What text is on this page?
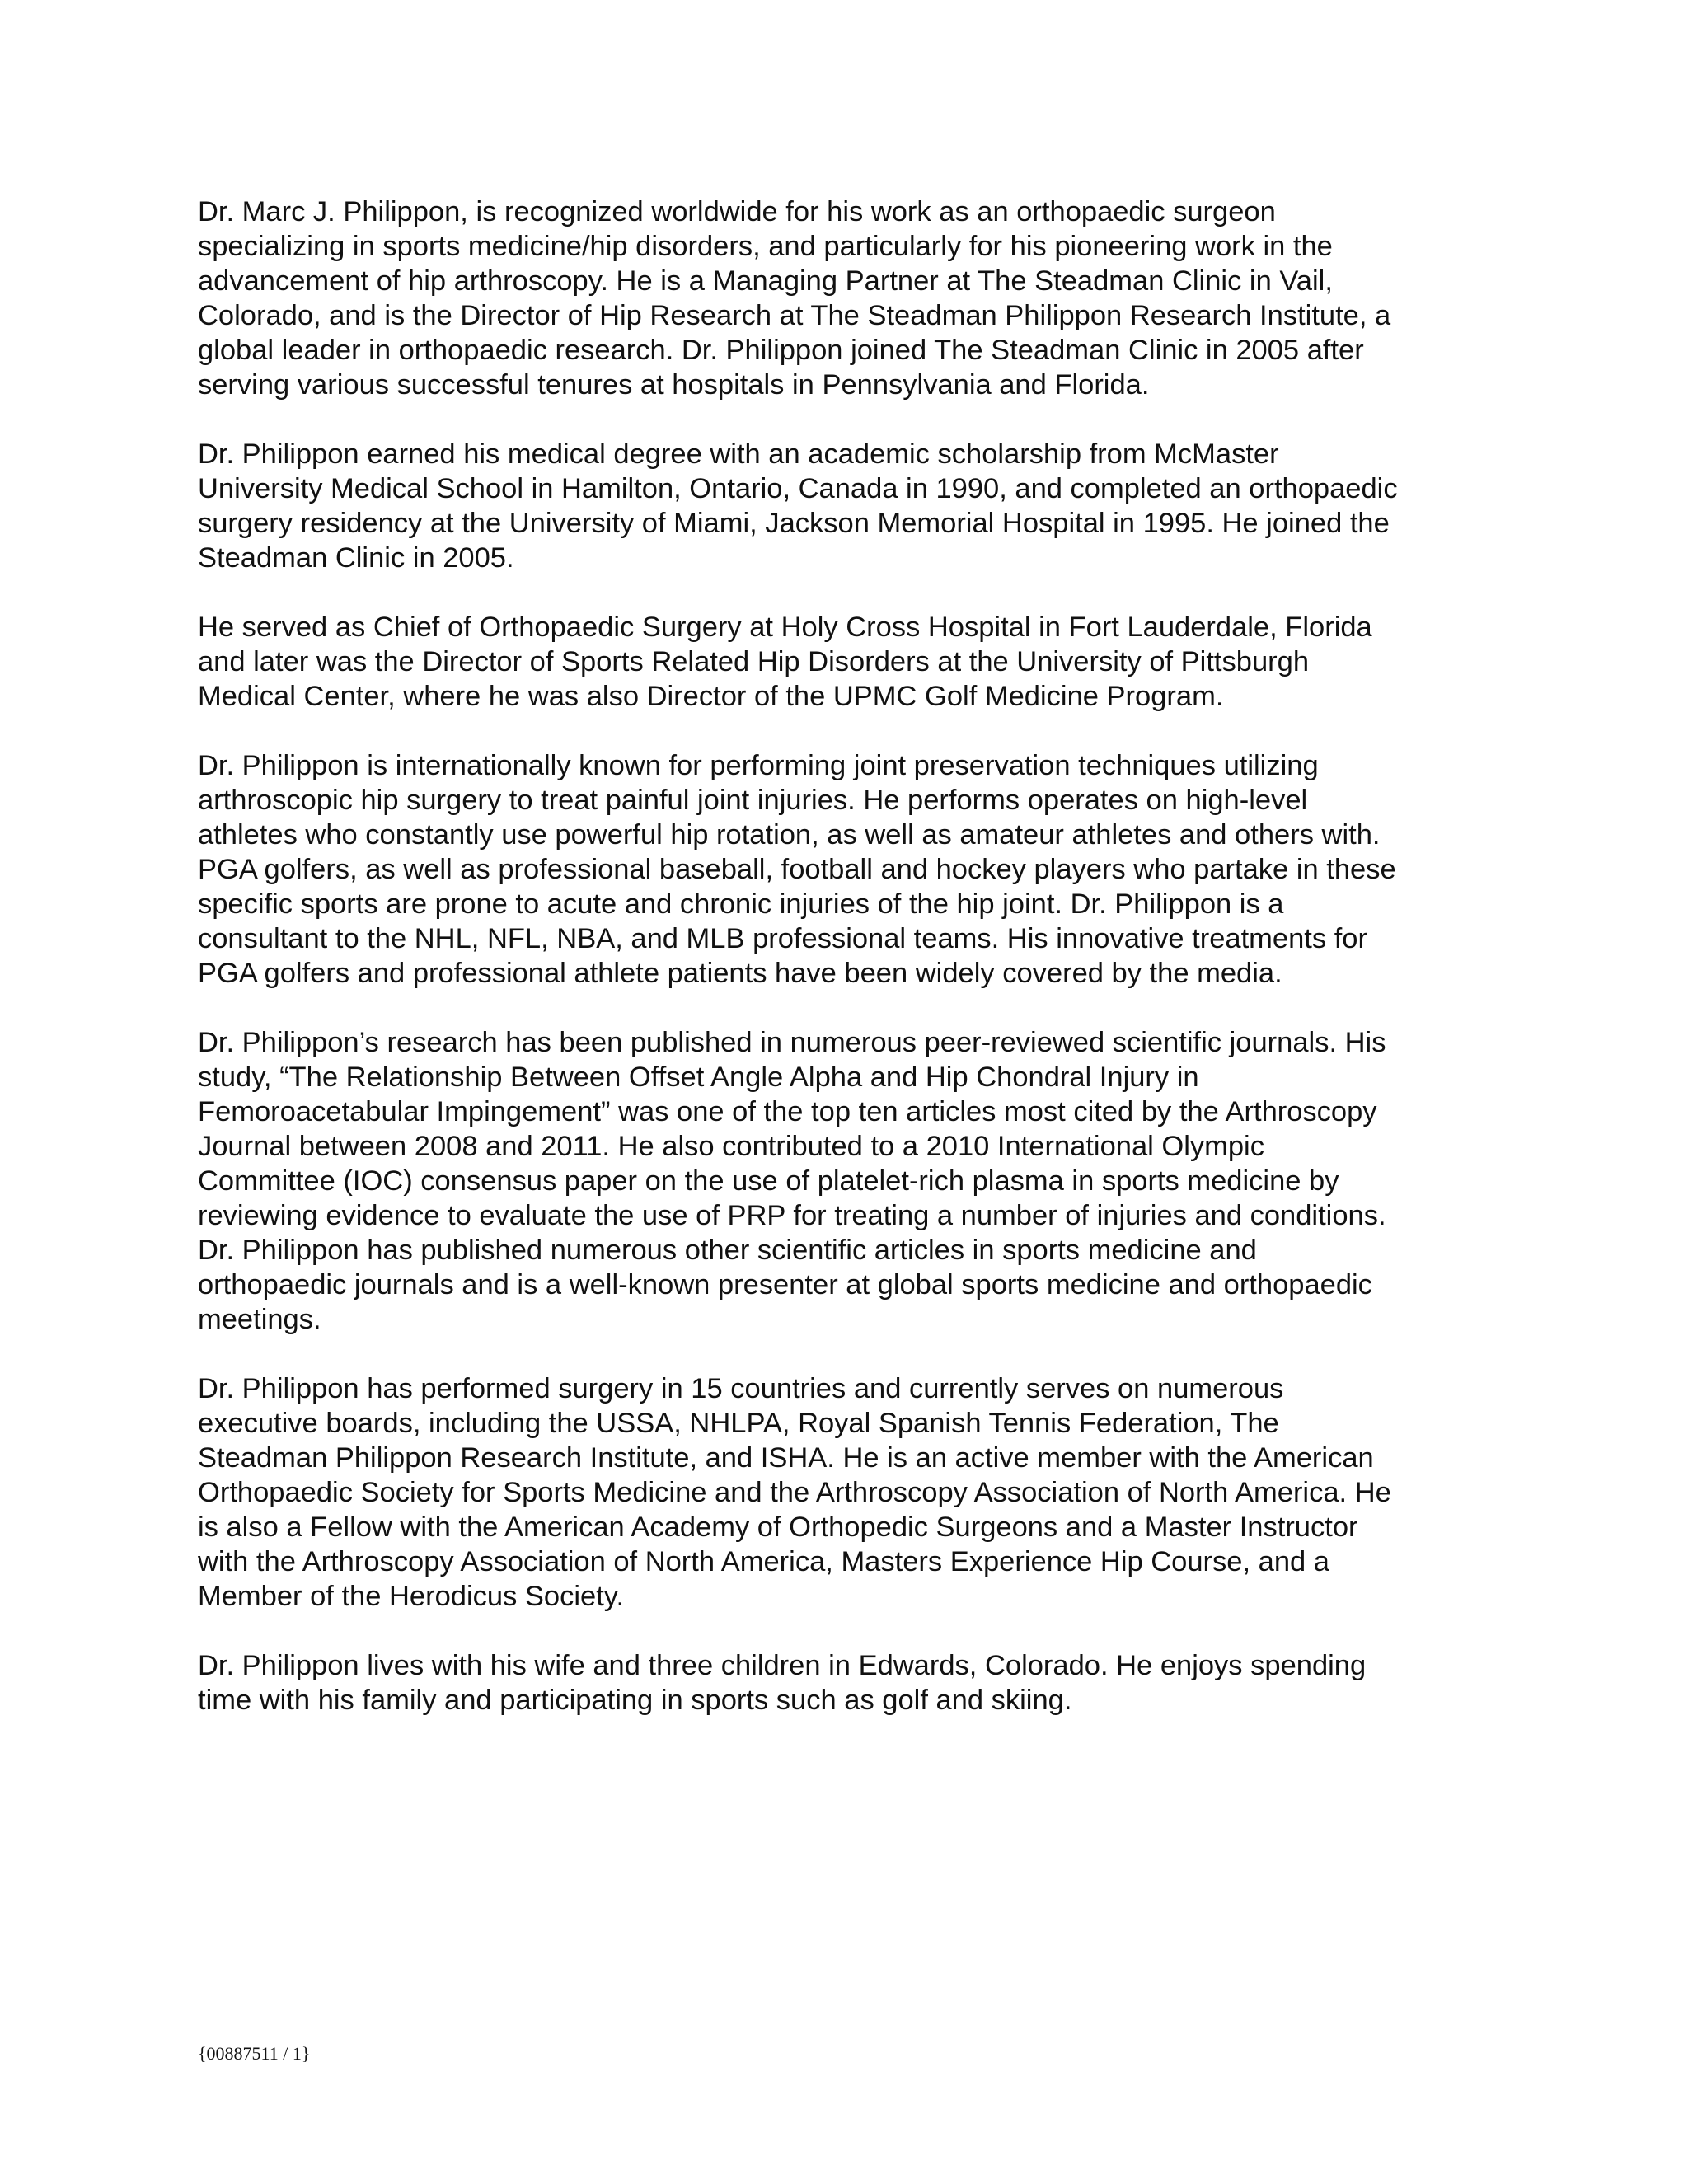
Dr. Marc J. Philippon, is recognized worldwide for his work as an orthopaedic surgeon
specializing in sports medicine/hip disorders, and particularly for his pioneering work in the
advancement of hip arthroscopy. He is a Managing Partner at The Steadman Clinic in Vail,
Colorado, and is the Director of Hip Research at The Steadman Philippon Research Institute, a
global leader in orthopaedic research. Dr. Philippon joined The Steadman Clinic in 2005 after
serving various successful tenures at hospitals in Pennsylvania and Florida.

Dr. Philippon earned his medical degree with an academic scholarship from McMaster
University Medical School in Hamilton, Ontario, Canada in 1990, and completed an orthopaedic
surgery residency at the University of Miami, Jackson Memorial Hospital in 1995. He joined the
Steadman Clinic in 2005.

He served as Chief of Orthopaedic Surgery at Holy Cross Hospital in Fort Lauderdale, Florida
and later was the Director of Sports Related Hip Disorders at the University of Pittsburgh
Medical Center, where he was also Director of the UPMC Golf Medicine Program.

Dr. Philippon is internationally known for performing joint preservation techniques utilizing
arthroscopic hip surgery to treat painful joint injuries. He performs operates on high-level
athletes who constantly use powerful hip rotation, as well as amateur athletes and others with.
PGA golfers, as well as professional baseball, football and hockey players who partake in these
specific sports are prone to acute and chronic injuries of the hip joint. Dr. Philippon is a
consultant to the NHL, NFL, NBA, and MLB professional teams. His innovative treatments for
PGA golfers and professional athlete patients have been widely covered by the media.

Dr. Philippon’s research has been published in numerous peer-reviewed scientific journals. His
study, “The Relationship Between Offset Angle Alpha and Hip Chondral Injury in
Femoroacetabular Impingement” was one of the top ten articles most cited by the Arthroscopy
Journal between 2008 and 2011. He also contributed to a 2010 International Olympic
Committee (IOC) consensus paper on the use of platelet-rich plasma in sports medicine by
reviewing evidence to evaluate the use of PRP for treating a number of injuries and conditions.
Dr. Philippon has published numerous other scientific articles in sports medicine and
orthopaedic journals and is a well-known presenter at global sports medicine and orthopaedic
meetings.

Dr. Philippon has performed surgery in 15 countries and currently serves on numerous
executive boards, including the USSA, NHLPA, Royal Spanish Tennis Federation, The
Steadman Philippon Research Institute, and ISHA. He is an active member with the American
Orthopaedic Society for Sports Medicine and the Arthroscopy Association of North America. He
is also a Fellow with the American Academy of Orthopedic Surgeons and a Master Instructor
with the Arthroscopy Association of North America, Masters Experience Hip Course, and a
Member of the Herodicus Society.

Dr. Philippon lives with his wife and three children in Edwards, Colorado. He enjoys spending
time with his family and participating in sports such as golf and skiing.

{00887511 / 1}
